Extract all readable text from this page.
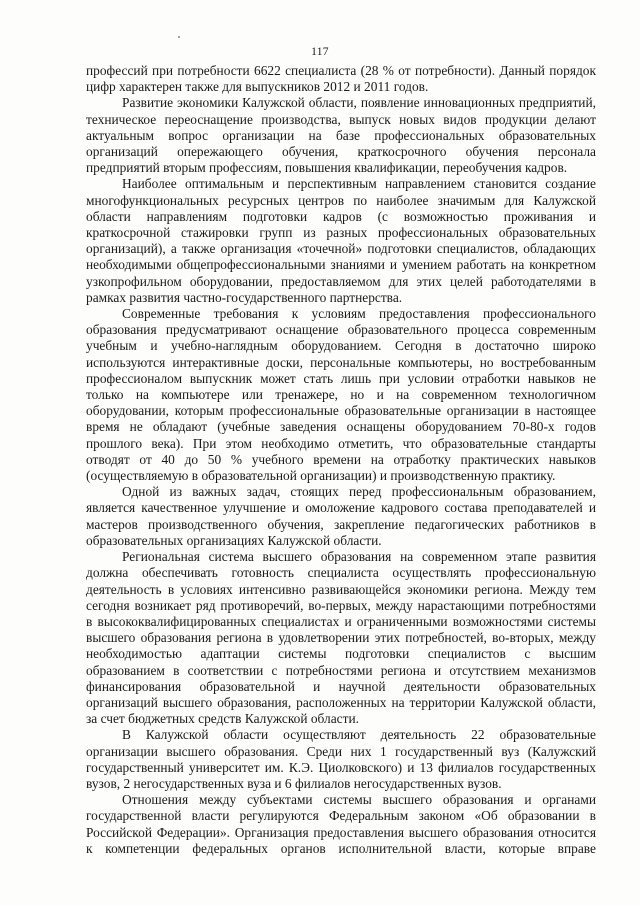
117
профессий при потребности 6622 специалиста (28 % от потребности). Данный порядок
цифр характерен также для выпускников 2012 и 2011 годов.
Развитие экономики Калужской области, появление инновационных предприятий,
техническое переоснащение производства, выпуск новых видов продукции делают
актуальным вопрос организации на базе профессиональных образовательных
организаций опережающего обучения, краткосрочного обучения персонала
предприятий вторым профессиям, повышения квалификации, переобучения кадров.
Наиболее оптимальным и перспективным направлением становится создание
многофункциональных ресурсных центров по наиболее значимым для Калужской
области направлениям подготовки кадров (с возможностью проживания и
краткосрочной стажировки групп из разных профессиональных образовательных
организаций), а также организация «точечной» подготовки специалистов, обладающих
необходимыми общепрофессиональными знаниями и умением работать на конкретном
узкопрофильном оборудовании, предоставляемом для этих целей работодателями в
рамках развития частно-государственного партнерства.
Современные требования к условиям предоставления профессионального
образования предусматривают оснащение образовательного процесса современным
учебным и учебно-наглядным оборудованием. Сегодня в достаточно широко
используются интерактивные доски, персональные компьютеры, но востребованным
профессионалом выпускник может стать лишь при условии отработки навыков не
только на компьютере или тренажере, но и на современном технологичном
оборудовании, которым профессиональные образовательные организации в настоящее
время не обладают (учебные заведения оснащены оборудованием 70-80-х годов
прошлого века). При этом необходимо отметить, что образовательные стандарты
отводят от 40 до 50 % учебного времени на отработку практических навыков
(осуществляемую в образовательной организации) и производственную практику.
Одной из важных задач, стоящих перед профессиональным образованием,
является качественное улучшение и омоложение кадрового состава преподавателей и
мастеров производственного обучения, закрепление педагогических работников в
образовательных организациях Калужской области.
Региональная система высшего образования на современном этапе развития
должна обеспечивать готовность специалиста осуществлять профессиональную
деятельность в условиях интенсивно развивающейся экономики региона. Между тем
сегодня возникает ряд противоречий, во-первых, между нарастающими потребностями
в высококвалифицированных специалистах и ограниченными возможностями системы
высшего образования региона в удовлетворении этих потребностей, во-вторых, между
необходимостью адаптации системы подготовки специалистов с высшим
образованием в соответствии с потребностями региона и отсутствием механизмов
финансирования образовательной и научной деятельности образовательных
организаций высшего образования, расположенных на территории Калужской области,
за счет бюджетных средств Калужской области.
В Калужской области осуществляют деятельность 22 образовательные
организации высшего образования. Среди них 1 государственный вуз (Калужский
государственный университет им. К.Э. Циолковского) и 13 филиалов государственных
вузов, 2 негосударственных вуза и 6 филиалов негосударственных вузов.
Отношения между субъектами системы высшего образования и органами
государственной власти регулируются Федеральным законом «Об образовании в
Российской Федерации». Организация предоставления высшего образования относится
к компетенции федеральных органов исполнительной власти, которые вправе
